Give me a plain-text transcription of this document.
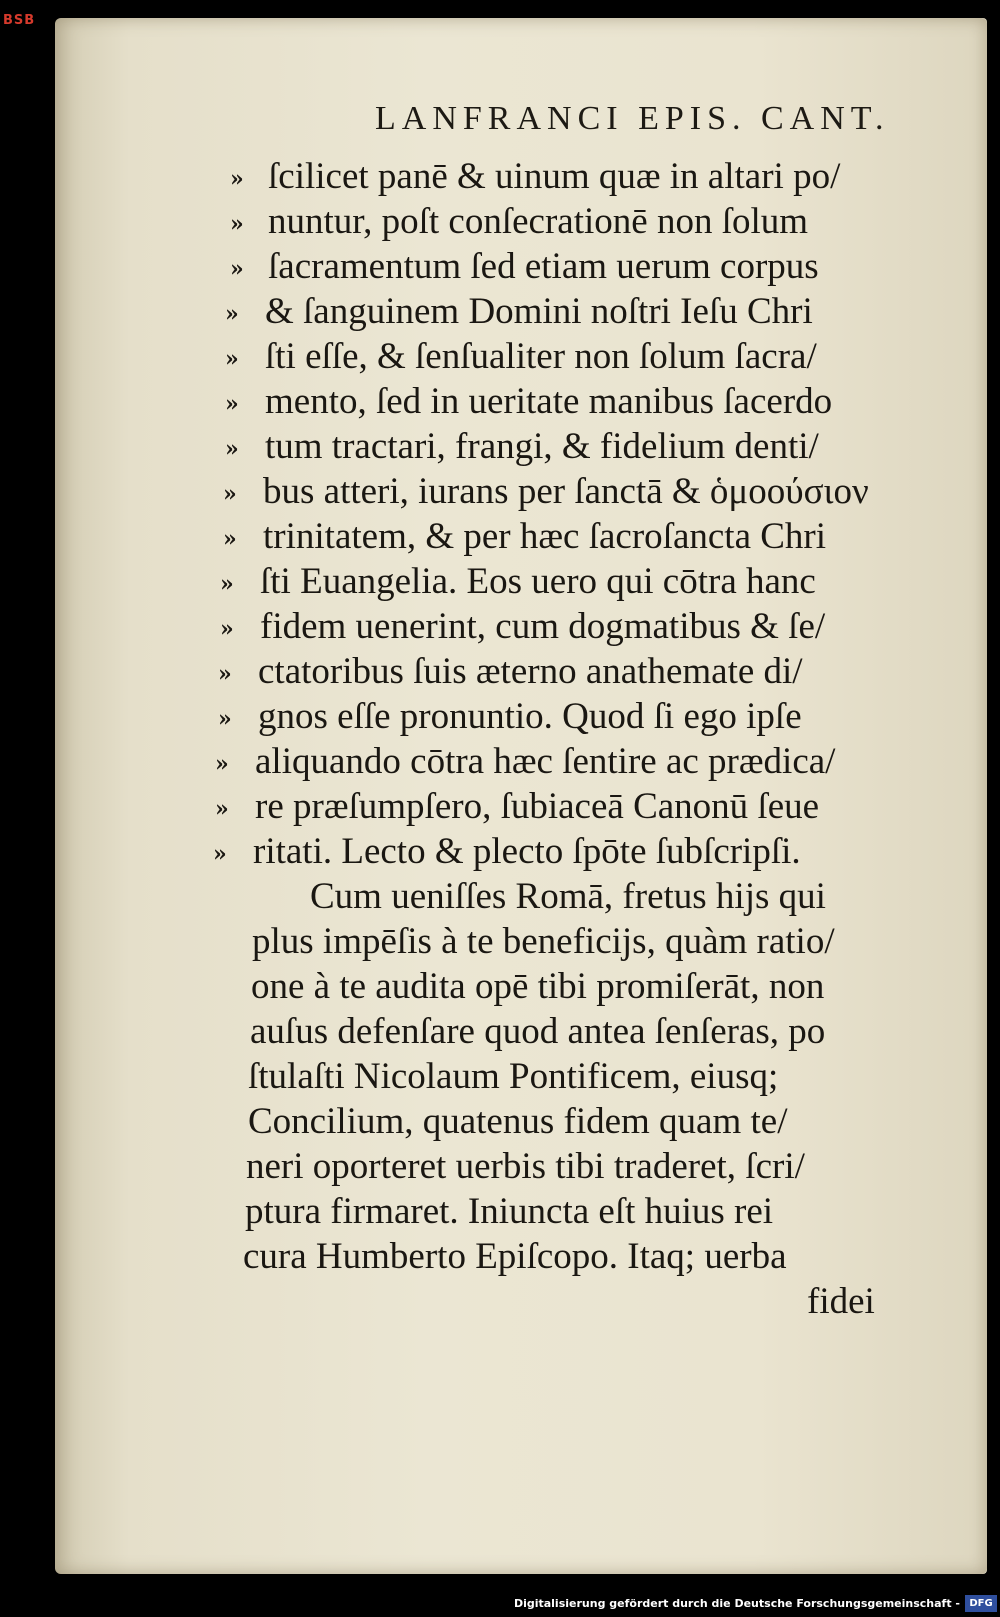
BSB
LANFRANCI EPIS. CANT.
» ſcilicet panē & uinum quæ in altari po/
» nuntur, poſt conſecrationē non ſolum
» ſacramentum ſed etiam uerum corpus
» & ſanguinem Domini noſtri Ieſu Chri
» ſti eſſe, & ſenſualiter non ſolum ſacra/
» mento, ſed in ueritate manibus ſacerdo
» tum tractari, frangi, & fidelium denti/
» bus atteri, iurans per ſanctā & ὁμοούσιον
» trinitatem, & per hæc ſacroſancta Chri
» ſti Euangelia. Eos uero qui cōtra hanc
» fidem uenerint, cum dogmatibus & ſe/
» ctatoribus ſuis æterno anathemate di/
» gnos eſſe pronuntio. Quod ſi ego ipſe
» aliquando cōtra hæc ſentire ac prædica/
» re præſumpſero, ſubiaceā Canonū ſeue
» ritati. Lecto & plecto ſpōte ſubſcripſi.
Cum ueniſſes Romā, fretus hijs qui
plus impēſis à te beneficijs, quàm ratio/
one à te audita opē tibi promiſerāt, non
auſus defenſare quod antea ſenſeras, po
ſtulaſti Nicolaum Pontificem, eiusq;
Concilium, quatenus fidem quam te/
neri oporteret uerbis tibi traderet, ſcri/
ptura firmaret. Iniuncta eſt huius rei
cura Humberto Epiſcopo. Itaq; uerba
fidei
Digitalisierung gefördert durch die Deutsche Forschungsgemeinschaft - DFG
